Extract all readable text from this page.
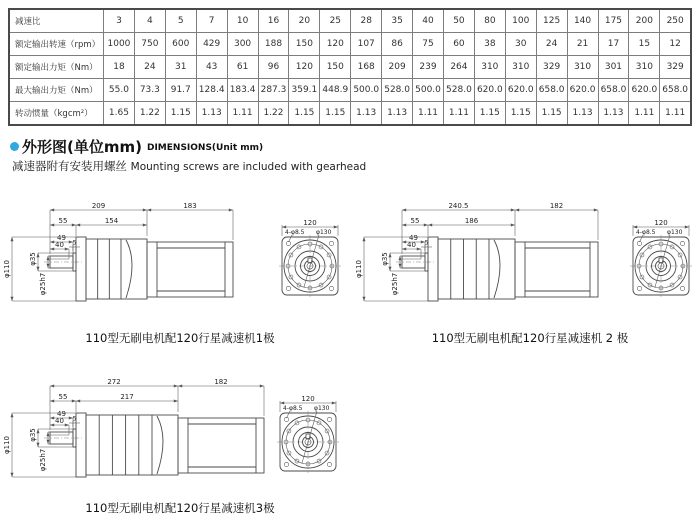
减速比	3	4	5	7	10	16	20	25	28	35	40	50	80	100	125	140	175	200	250
额定输出转速（rpm）	1000	750	600	429	300	188	150	120	107	86	75	60	38	30	24	21	17	15	12
额定输出力矩（Nm）	18	24	31	43	61	96	120	150	168	209	239	264	310	310	329	310	301	310	329
最大输出力矩（Nm）	55.0	73.3	91.7	128.4	183.4	287.3	359.1	448.9	500.0	528.0	500.0	528.0	620.0	620.0	658.0	620.0	658.0	620.0	658.0
转动惯量（kgcm²）	1.65	1.22	1.15	1.13	1.11	1.22	1.15	1.15	1.13	1.13	1.11	1.11	1.15	1.15	1.15	1.13	1.13	1.11	1.11
外形图(单位mm) DIMENSIONS(Unit mm)
减速器附有安装用螺丝 Mounting screws are included with gearhead
209	183
55	154
49
40 5
φ110
φ35
φ25h7
120
4-φ8.5 φ130
240.5	182
55	186
49
40 5
φ110
φ35
φ25h7
120
4-φ8.5 φ130
272	182
55	217
49
40 5
φ110
φ35
φ25h7
120
4-φ8.5 φ130
110型无刷电机配120行星减速机1极	110型无刷电机配120行星减速机 2 极
110型无刷电机配120行星减速机3极
